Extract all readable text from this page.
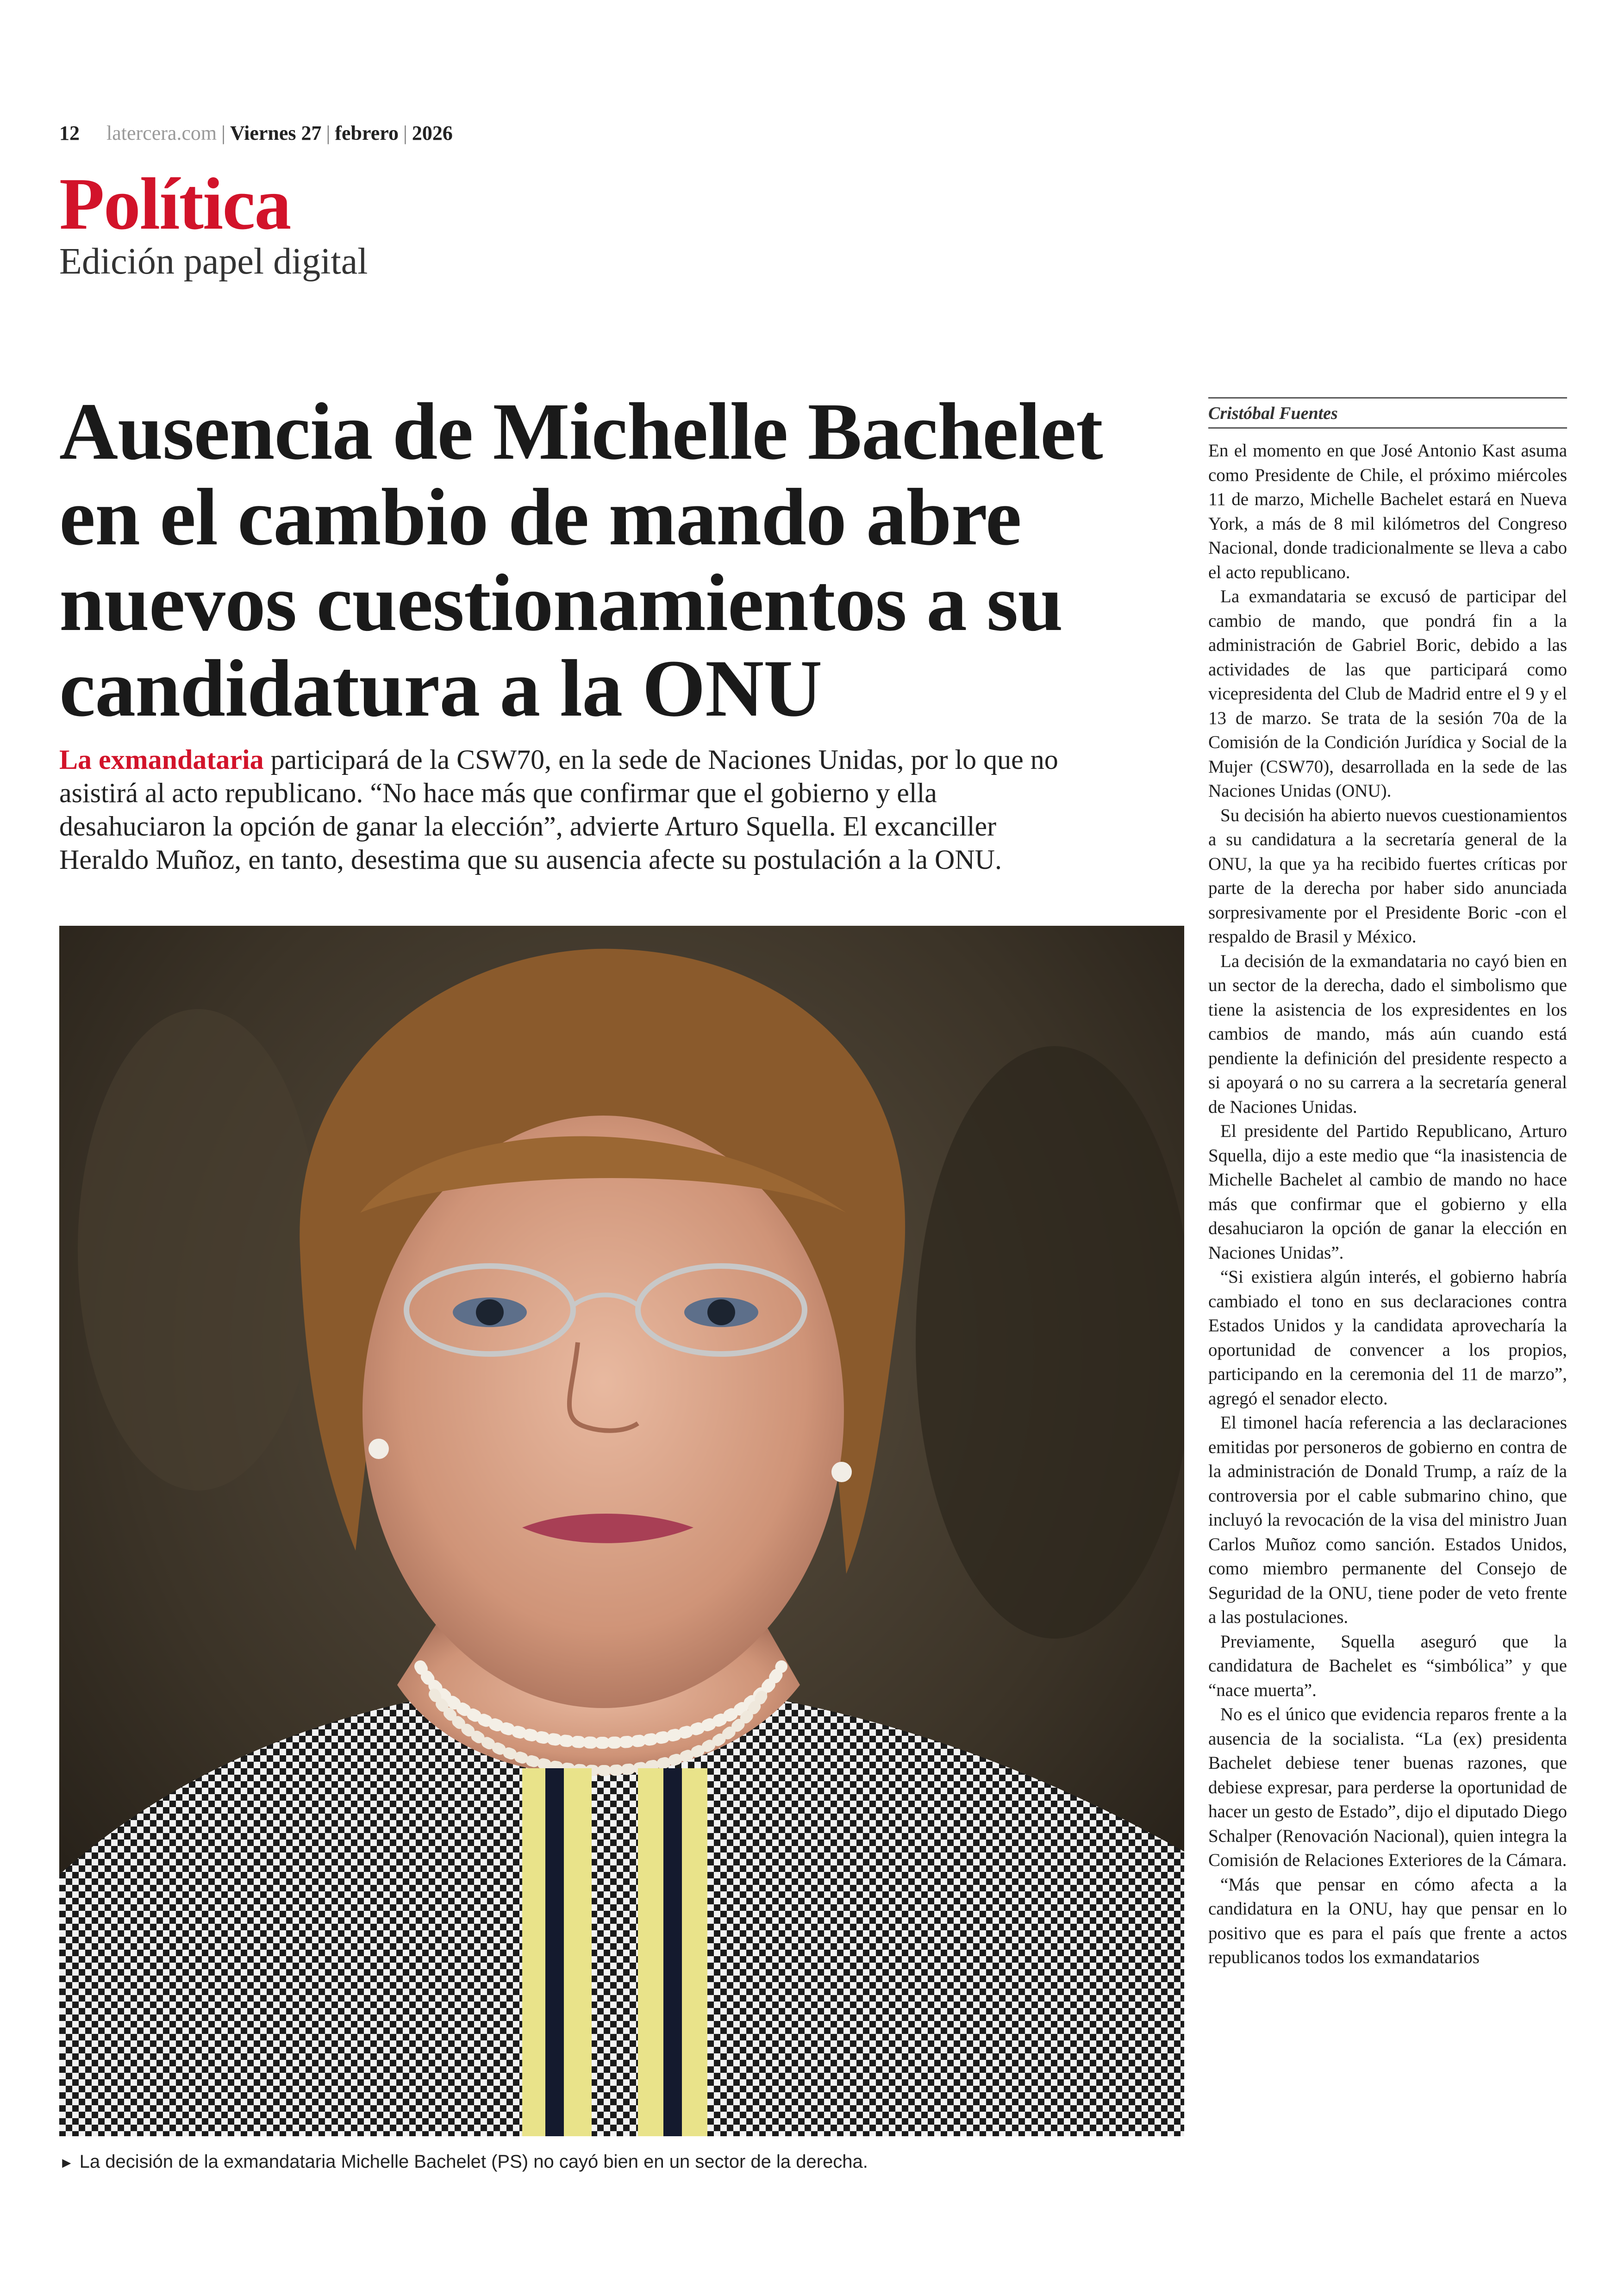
12 latercera.com | Viernes 27 | febrero | 2026
Política
Edición papel digital
Ausencia de Michelle Bachelet en el cambio de mando abre nuevos cuestionamientos a su candidatura a la ONU
La exmandataria participará de la CSW70, en la sede de Naciones Unidas, por lo que no asistirá al acto republicano. “No hace más que confirmar que el gobierno y ella desahuciaron la opción de ganar la elección”, advierte Arturo Squella. El excanciller Heraldo Muñoz, en tanto, desestima que su ausencia afecte su postulación a la ONU.
► La decisión de la exmandataria Michelle Bachelet (PS) no cayó bien en un sector de la derecha.
Cristóbal Fuentes

En el momento en que José Antonio Kast asuma como Presidente de Chile, el próximo miércoles 11 de marzo, Michelle Bachelet estará en Nueva York, a más de 8 mil kilómetros del Congreso Nacional, donde tradicionalmente se lleva a cabo el acto republicano.

La exmandataria se excusó de participar del cambio de mando, que pondrá fin a la administración de Gabriel Boric, debido a las actividades de las que participará como vicepresidenta del Club de Madrid entre el 9 y el 13 de marzo. Se trata de la sesión 70a de la Comisión de la Condición Jurídica y Social de la Mujer (CSW70), desarrollada en la sede de las Naciones Unidas (ONU).

Su decisión ha abierto nuevos cuestionamientos a su candidatura a la secretaría general de la ONU, la que ya ha recibido fuertes críticas por parte de la derecha por haber sido anunciada sorpresivamente por el Presidente Boric -con el respaldo de Brasil y México.

La decisión de la exmandataria no cayó bien en un sector de la derecha, dado el simbolismo que tiene la asistencia de los expresidentes en los cambios de mando, más aún cuando está pendiente la definición del presidente respecto a si apoyará o no su carrera a la secretaría general de Naciones Unidas.

El presidente del Partido Republicano, Arturo Squella, dijo a este medio que “la inasistencia de Michelle Bachelet al cambio de mando no hace más que confirmar que el gobierno y ella desahuciaron la opción de ganar la elección en Naciones Unidas”.

“Si existiera algún interés, el gobierno habría cambiado el tono en sus declaraciones contra Estados Unidos y la candidata aprovecharía la oportunidad de convencer a los propios, participando en la ceremonia del 11 de marzo”, agregó el senador electo.

El timonel hacía referencia a las declaraciones emitidas por personeros de gobierno en contra de la administración de Donald Trump, a raíz de la controversia por el cable submarino chino, que incluyó la revocación de la visa del ministro Juan Carlos Muñoz como sanción. Estados Unidos, como miembro permanente del Consejo de Seguridad de la ONU, tiene poder de veto frente a las postulaciones.

Previamente, Squella aseguró que la candidatura de Bachelet es “simbólica” y que “nace muerta”.

No es el único que evidencia reparos frente a la ausencia de la socialista. “La (ex) presidenta Bachelet debiese tener buenas razones, que debiese expresar, para perderse la oportunidad de hacer un gesto de Estado”, dijo el diputado Diego Schalper (Renovación Nacional), quien integra la Comisión de Relaciones Exteriores de la Cámara.

“Más que pensar en cómo afecta a la candidatura en la ONU, hay que pensar en lo positivo que es para el país que frente a actos republicanos todos los exmandatarios
